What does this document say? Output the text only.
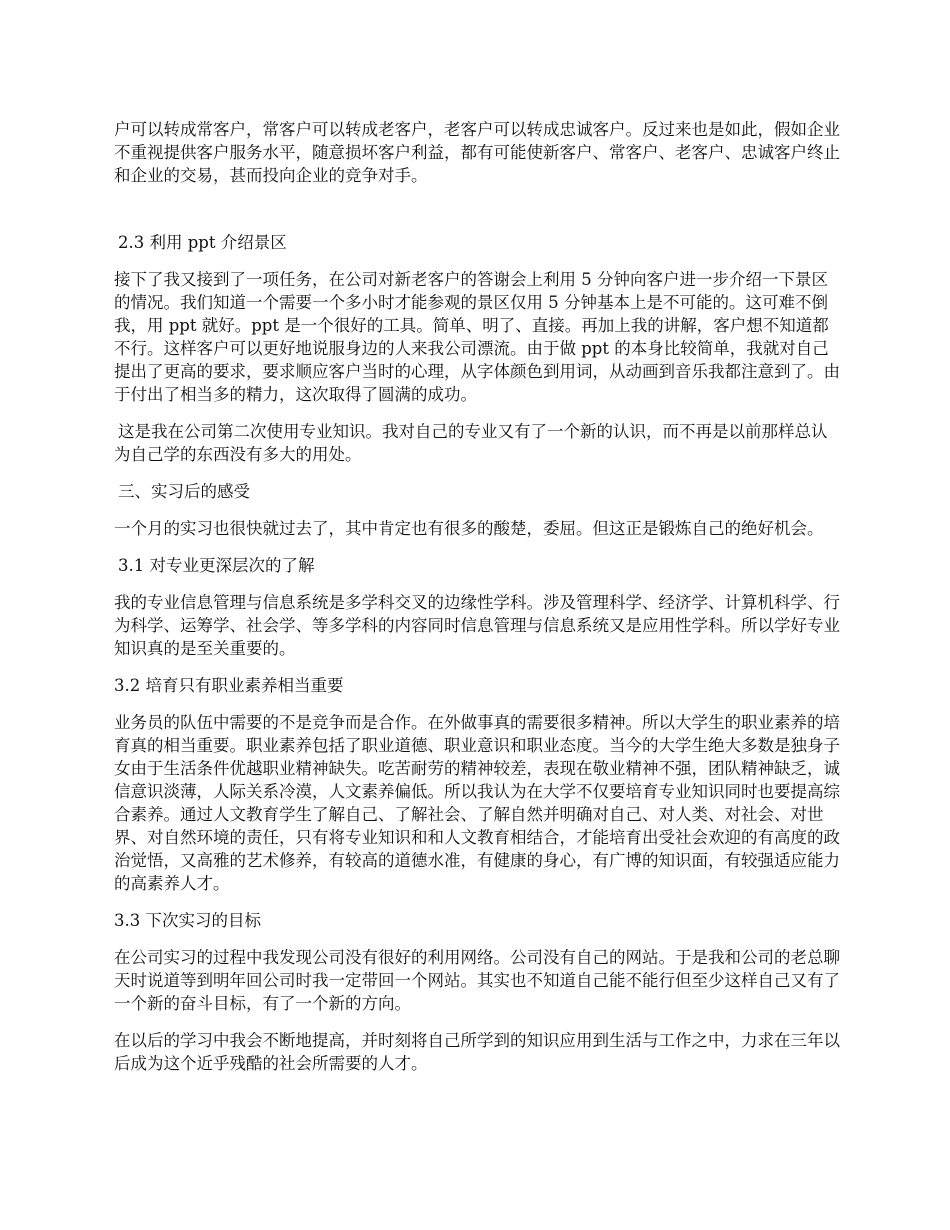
户可以转成常客户，常客户可以转成老客户，老客户可以转成忠诚客户。反过来也是如此，假如企业不重视提供客户服务水平，随意损坏客户利益，都有可能使新客户、常客户、老客户、忠诚客户终止和企业的交易，甚而投向企业的竞争对手。

2.3 利用 ppt 介绍景区

接下了我又接到了一项任务，在公司对新老客户的答谢会上利用 5 分钟向客户进一步介绍一下景区的情况。我们知道一个需要一个多小时才能参观的景区仅用 5 分钟基本上是不可能的。这可难不倒我，用 ppt 就好。ppt 是一个很好的工具。简单、明了、直接。再加上我的讲解，客户想不知道都不行。这样客户可以更好地说服身边的人来我公司漂流。由于做 ppt 的本身比较简单，我就对自己提出了更高的要求，要求顺应客户当时的心理，从字体颜色到用词，从动画到音乐我都注意到了。由于付出了相当多的精力，这次取得了圆满的成功。

这是我在公司第二次使用专业知识。我对自己的专业又有了一个新的认识，而不再是以前那样总认为自己学的东西没有多大的用处。

三、实习后的感受

一个月的实习也很快就过去了，其中肯定也有很多的酸楚，委屈。但这正是锻炼自己的绝好机会。

3.1 对专业更深层次的了解

我的专业信息管理与信息系统是多学科交叉的边缘性学科。涉及管理科学、经济学、计算机科学、行为科学、运筹学、社会学、等多学科的内容同时信息管理与信息系统又是应用性学科。所以学好专业知识真的是至关重要的。

3.2 培育只有职业素养相当重要

业务员的队伍中需要的不是竞争而是合作。在外做事真的需要很多精神。所以大学生的职业素养的培育真的相当重要。职业素养包括了职业道德、职业意识和职业态度。当今的大学生绝大多数是独身子女由于生活条件优越职业精神缺失。吃苦耐劳的精神较差，表现在敬业精神不强，团队精神缺乏，诚信意识淡薄，人际关系冷漠，人文素养偏低。所以我认为在大学不仅要培育专业知识同时也要提高综合素养。通过人文教育学生了解自己、了解社会、了解自然并明确对自己、对人类、对社会、对世界、对自然环境的责任，只有将专业知识和和人文教育相结合，才能培育出受社会欢迎的有高度的政治觉悟，又高雅的艺术修养，有较高的道德水准，有健康的身心，有广博的知识面，有较强适应能力的高素养人才。

3.3 下次实习的目标

在公司实习的过程中我发现公司没有很好的利用网络。公司没有自己的网站。于是我和公司的老总聊天时说道等到明年回公司时我一定带回一个网站。其实也不知道自己能不能行但至少这样自己又有了一个新的奋斗目标，有了一个新的方向。

在以后的学习中我会不断地提高，并时刻将自己所学到的知识应用到生活与工作之中，力求在三年以后成为这个近乎残酷的社会所需要的人才。
